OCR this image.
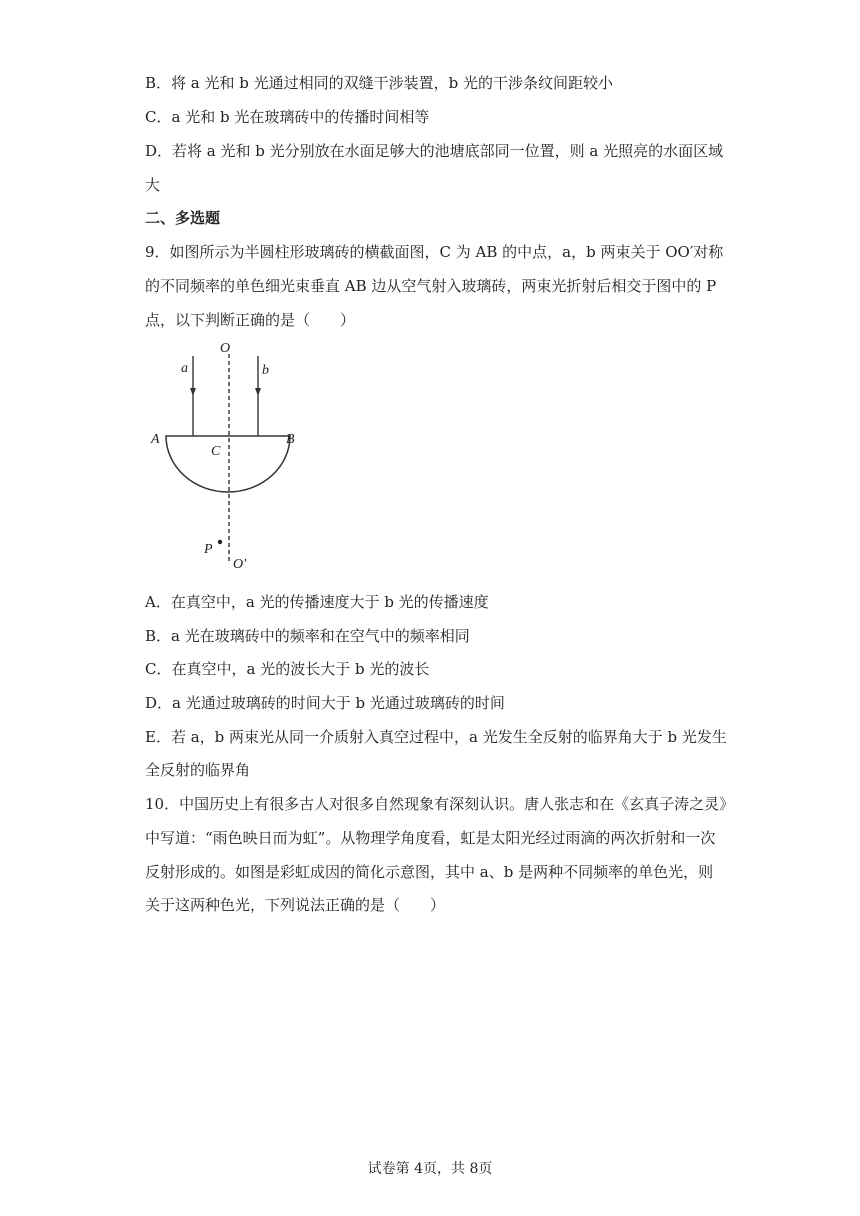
B．将 a 光和 b 光通过相同的双缝干涉装置，b 光的干涉条纹间距较小
C．a 光和 b 光在玻璃砖中的传播时间相等
D．若将 a 光和 b 光分别放在水面足够大的池塘底部同一位置，则 a 光照亮的水面区域
大
二、多选题
9．如图所示为半圆柱形玻璃砖的横截面图，C 为 AB 的中点，a，b 两束关于 OO′对称
的不同频率的单色细光束垂直 AB 边从空气射入玻璃砖，两束光折射后相交于图中的 P
点，以下判断正确的是（　　）
O
a	b
A	B
C
P
O′
A．在真空中，a 光的传播速度大于 b 光的传播速度
B．a 光在玻璃砖中的频率和在空气中的频率相同
C．在真空中，a 光的波长大于 b 光的波长
D．a 光通过玻璃砖的时间大于 b 光通过玻璃砖的时间
E．若 a，b 两束光从同一介质射入真空过程中，a 光发生全反射的临界角大于 b 光发生
全反射的临界角
10．中国历史上有很多古人对很多自然现象有深刻认识。唐人张志和在《玄真子涛之灵》
中写道：“雨色映日而为虹”。从物理学角度看，虹是太阳光经过雨滴的两次折射和一次
反射形成的。如图是彩虹成因的简化示意图，其中 a、b 是两种不同频率的单色光，则
关于这两种色光，下列说法正确的是（　　）
试卷第 4页，共 8页
